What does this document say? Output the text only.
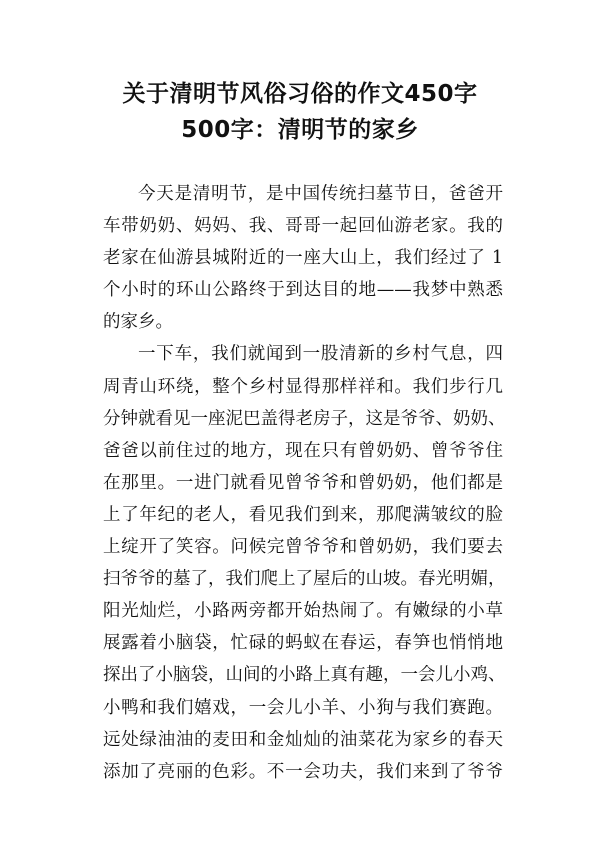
关于清明节风俗习俗的作文450字
500字：清明节的家乡
今天是清明节，是中国传统扫墓节日，爸爸开
车带奶奶、妈妈、我、哥哥一起回仙游老家。我的
老家在仙游县城附近的一座大山上，我们经过了 1
个小时的环山公路终于到达目的地——我梦中熟悉
的家乡。
一下车，我们就闻到一股清新的乡村气息，四
周青山环绕，整个乡村显得那样祥和。我们步行几
分钟就看见一座泥巴盖得老房子，这是爷爷、奶奶、
爸爸以前住过的地方，现在只有曾奶奶、曾爷爷住
在那里。一进门就看见曾爷爷和曾奶奶，他们都是
上了年纪的老人，看见我们到来，那爬满皱纹的脸
上绽开了笑容。问候完曾爷爷和曾奶奶，我们要去
扫爷爷的墓了，我们爬上了屋后的山坡。春光明媚，
阳光灿烂，小路两旁都开始热闹了。有嫩绿的小草
展露着小脑袋，忙碌的蚂蚁在春运，春笋也悄悄地
探出了小脑袋，山间的小路上真有趣，一会儿小鸡、
小鸭和我们嬉戏，一会儿小羊、小狗与我们赛跑。
远处绿油油的麦田和金灿灿的油菜花为家乡的春天
添加了亮丽的色彩。不一会功夫，我们来到了爷爷
